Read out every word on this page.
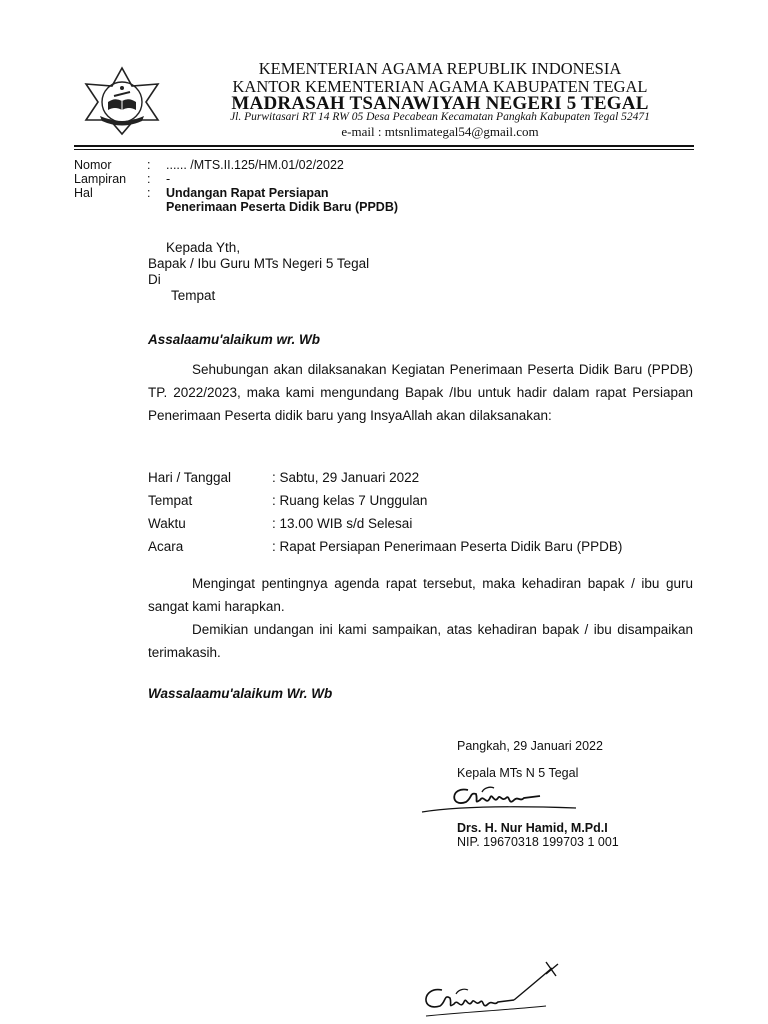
KEMENTERIAN AGAMA REPUBLIK INDONESIA
KANTOR KEMENTERIAN AGAMA KABUPATEN TEGAL
MADRASAH TSANAWIYAH NEGERI 5 TEGAL
Jl. Purwitasari RT 14 RW 05 Desa Pecabean Kecamatan Pangkah Kabupaten Tegal 52471
e-mail : mtsnlimategal54@gmail.com
Nomor	: ...... /MTS.II.125/HM.01/02/2022
Lampiran : -
Hal	: Undangan Rapat Persiapan
Penerimaan Peserta Didik Baru (PPDB)
Kepada Yth,
Bapak / Ibu Guru MTs Negeri 5 Tegal
Di
Tempat
Assalaamu'alaikum wr. Wb
Sehubungan akan dilaksanakan Kegiatan Penerimaan Peserta Didik Baru (PPDB) TP. 2022/2023, maka kami mengundang Bapak /Ibu untuk hadir dalam rapat Persiapan Penerimaan Peserta didik baru yang InsyaAllah akan dilaksanakan:
Hari / Tanggal	: Sabtu, 29 Januari 2022
Tempat	: Ruang kelas 7 Unggulan
Waktu	: 13.00 WIB s/d Selesai
Acara	: Rapat Persiapan Penerimaan Peserta Didik Baru (PPDB)
Mengingat pentingnya agenda rapat tersebut, maka kehadiran bapak / ibu guru sangat kami harapkan.
Demikian undangan ini kami sampaikan, atas kehadiran bapak / ibu disampaikan terimakasih.
Wassalaamu'alaikum Wr. Wb
Pangkah, 29 Januari 2022
Kepala MTs N 5 Tegal
Drs. H. Nur Hamid, M.Pd.I
NIP. 19670318 199703 1 001
